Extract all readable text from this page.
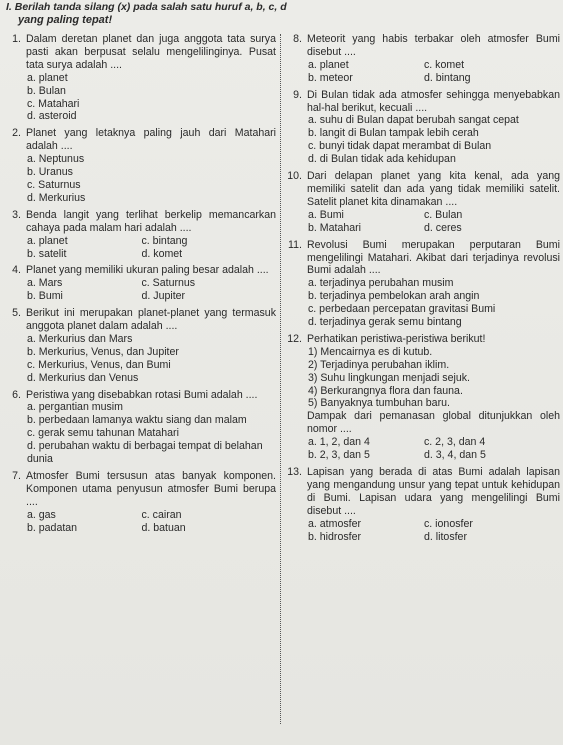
I. Berilah tanda silang (x) pada salah satu huruf a, b, c, d
yang paling tepat!
1. Dalam deretan planet dan juga anggota tata surya pasti akan berpusat selalu mengelilinginya. Pusat tata surya adalah ....
a. planet
b. Bulan
c. Matahari
d. asteroid
2. Planet yang letaknya paling jauh dari Matahari adalah ....
a. Neptunus
b. Uranus
c. Saturnus
d. Merkurius
3. Benda langit yang terlihat berkelip memancarkan cahaya pada malam hari adalah ....
a. planet	c. bintang
b. satelit	d. komet
4. Planet yang memiliki ukuran paling besar adalah ....
a. Mars	c. Saturnus
b. Bumi	d. Jupiter
5. Berikut ini merupakan planet-planet yang termasuk anggota planet dalam adalah ....
a. Merkurius dan Mars
b. Merkurius, Venus, dan Jupiter
c. Merkurius, Venus, dan Bumi
d. Merkurius dan Venus
6. Peristiwa yang disebabkan rotasi Bumi adalah ....
a. pergantian musim
b. perbedaan lamanya waktu siang dan malam
c. gerak semu tahunan Matahari
d. perubahan waktu di berbagai tempat di belahan dunia
7. Atmosfer Bumi tersusun atas banyak komponen. Komponen utama penyusun atmosfer Bumi berupa ....
a. gas	c. cairan
b. padatan	d. batuan
8. Meteorit yang habis terbakar oleh atmosfer Bumi disebut ....
a. planet	c. komet
b. meteor	d. bintang
9. Di Bulan tidak ada atmosfer sehingga menyebabkan hal-hal berikut, kecuali ....
a. suhu di Bulan dapat berubah sangat cepat
b. langit di Bulan tampak lebih cerah
c. bunyi tidak dapat merambat di Bulan
d. di Bulan tidak ada kehidupan
10. Dari delapan planet yang kita kenal, ada yang memiliki satelit dan ada yang tidak memiliki satelit. Satelit planet kita dinamakan ....
a. Bumi	c. Bulan
b. Matahari	d. ceres
11. Revolusi Bumi merupakan perputaran Bumi mengelilingi Matahari. Akibat dari terjadinya revolusi Bumi adalah ....
a. terjadinya perubahan musim
b. terjadinya pembelokan arah angin
c. perbedaan percepatan gravitasi Bumi
d. terjadinya gerak semu bintang
12. Perhatikan peristiwa-peristiwa berikut!
1) Mencairnya es di kutub.
2) Terjadinya perubahan iklim.
3) Suhu lingkungan menjadi sejuk.
4) Berkurangnya flora dan fauna.
5) Banyaknya tumbuhan baru.
Dampak dari pemanasan global ditunjukkan oleh nomor ....
a. 1, 2, dan 4	c. 2, 3, dan 4
b. 2, 3, dan 5	d. 3, 4, dan 5
13. Lapisan yang berada di atas Bumi adalah lapisan yang mengandung unsur yang tepat untuk kehidupan di Bumi. Lapisan udara yang mengelilingi Bumi disebut ....
a. atmosfer	c. ionosfer
b. hidrosfer	d. litosfer
